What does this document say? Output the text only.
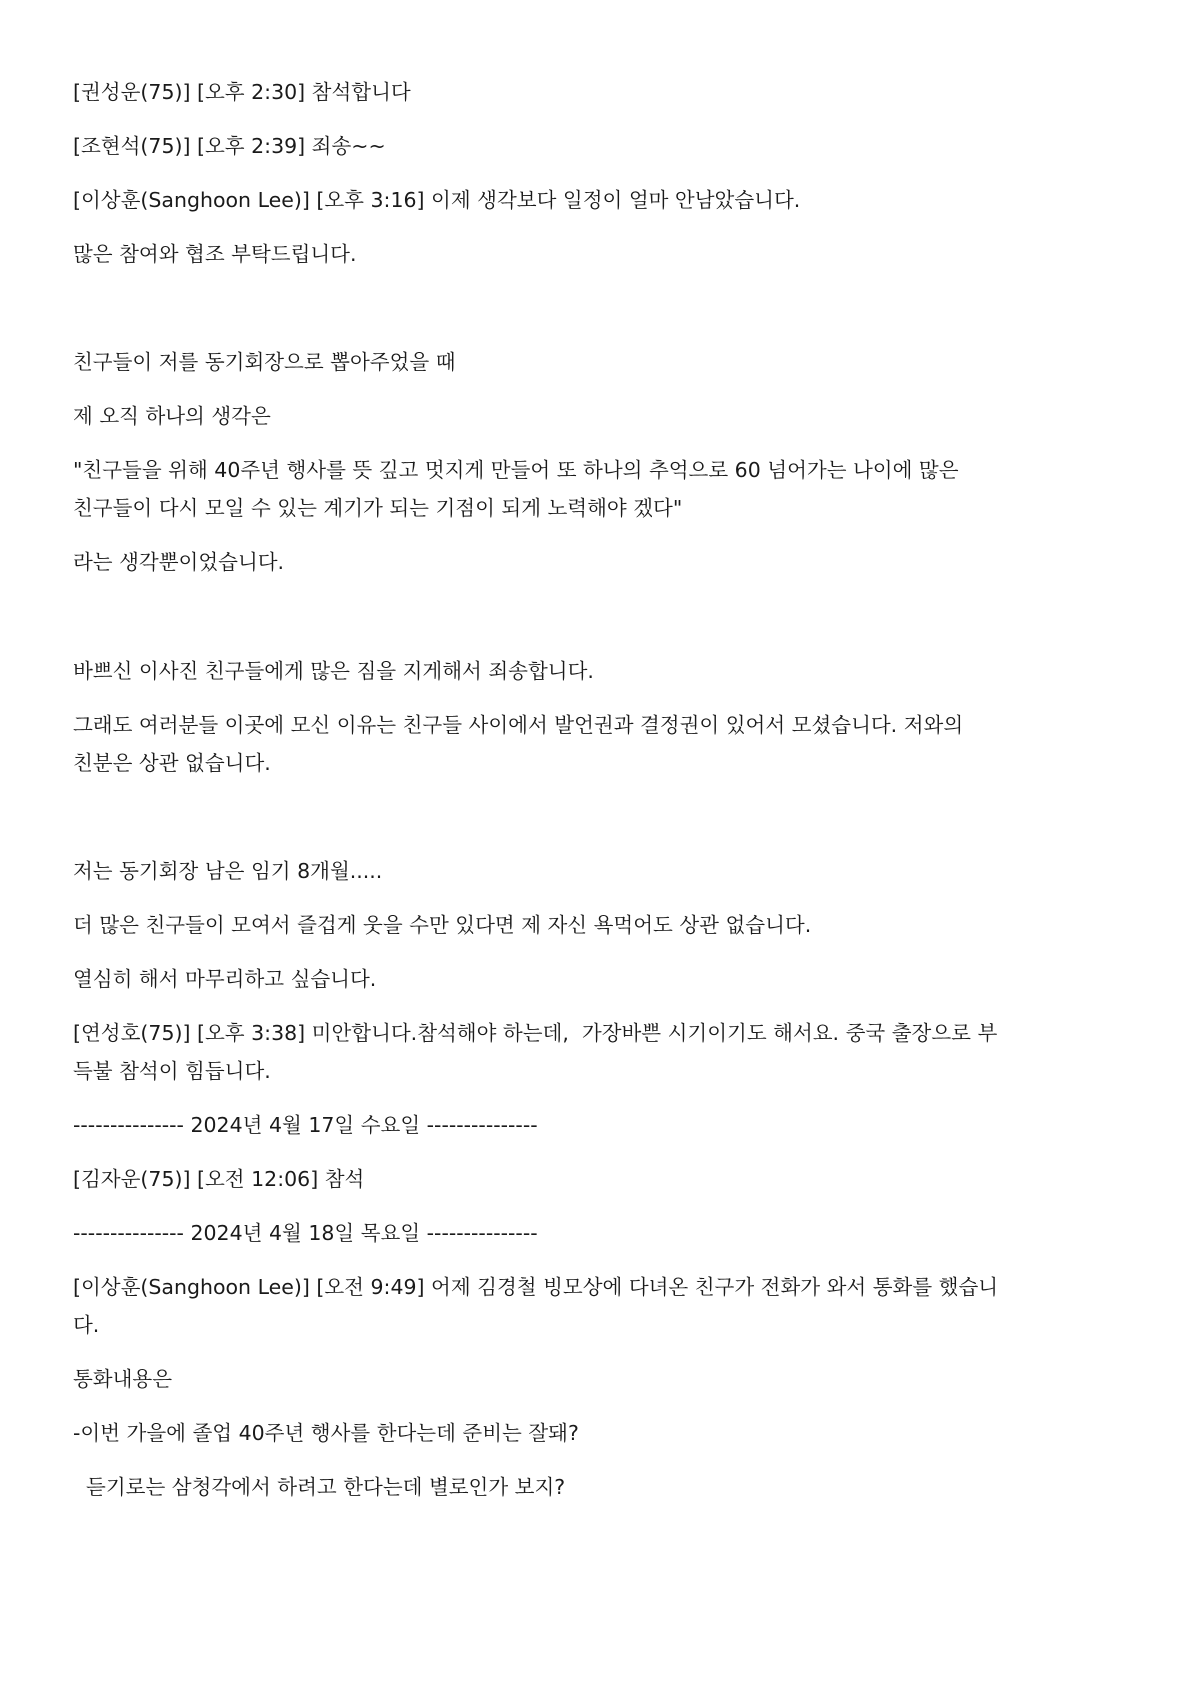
[권성운(75)] [오후 2:30] 참석합니다
[조현석(75)] [오후 2:39] 죄송~~
[이상훈(Sanghoon Lee)] [오후 3:16] 이제 생각보다 일정이 얼마 안남았습니다.
많은 참여와 협조 부탁드립니다.
친구들이 저를 동기회장으로 뽑아주었을 때
제 오직 하나의 생각은
"친구들을 위해 40주년 행사를 뜻 깊고 멋지게 만들어 또 하나의 추억으로 60 넘어가는 나이에 많은
친구들이 다시 모일 수 있는 계기가 되는 기점이 되게 노력해야 겠다"
라는 생각뿐이었습니다.
바쁘신 이사진 친구들에게 많은 짐을 지게해서 죄송합니다.
그래도 여러분들 이곳에 모신 이유는 친구들 사이에서 발언권과 결정권이 있어서 모셨습니다. 저와의
친분은 상관 없습니다.
저는 동기회장 남은 임기 8개월.....
더 많은 친구들이 모여서 즐겁게 웃을 수만 있다면 제 자신 욕먹어도 상관 없습니다.
열심히 해서 마무리하고 싶습니다.
[연성호(75)] [오후 3:38] 미안합니다.참석해야 하는데,  가장바쁜 시기이기도 해서요. 중국 출장으로 부
득불 참석이 힘듭니다.
--------------- 2024년 4월 17일 수요일 ---------------
[김자운(75)] [오전 12:06] 참석
--------------- 2024년 4월 18일 목요일 ---------------
[이상훈(Sanghoon Lee)] [오전 9:49] 어제 김경철 빙모상에 다녀온 친구가 전화가 와서 통화를 했습니
다.
통화내용은
-이번 가을에 졸업 40주년 행사를 한다는데 준비는 잘돼?
듣기로는 삼청각에서 하려고 한다는데 별로인가 보지?
